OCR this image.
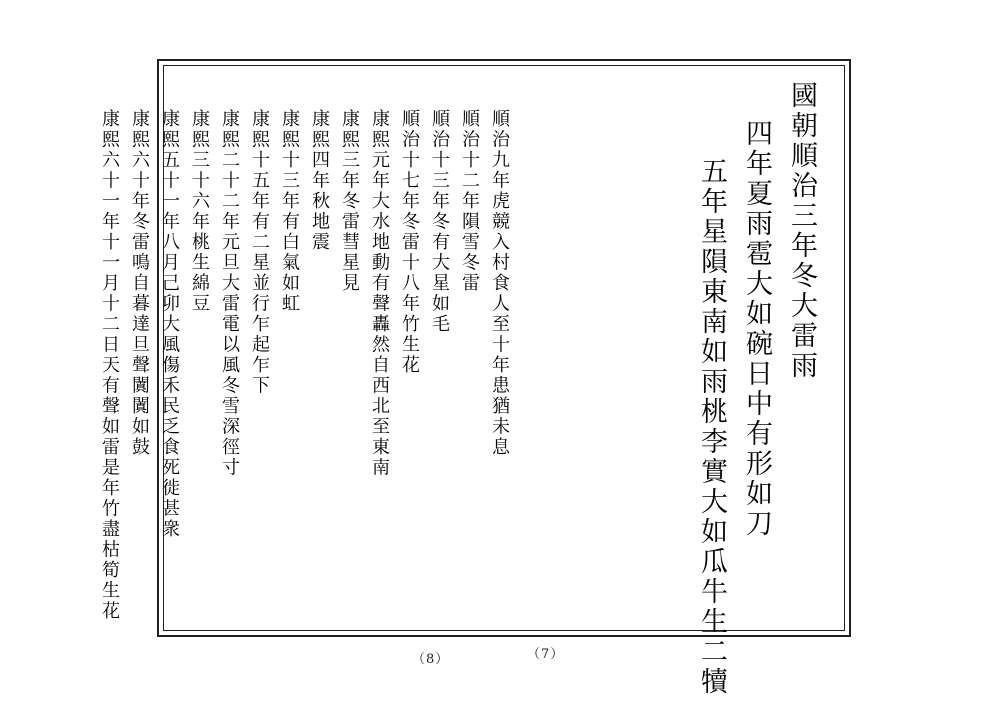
國朝順治三年冬大雷雨
四年夏雨雹大如碗日中有形如刀
五年星隕東南如雨桃李實大如瓜牛生二犢
順治九年虎競入村食人至十年患猶未息
順治十二年隕雪冬雷
順治十三年冬有大星如毛
順治十七年冬雷十八年竹生花
康熙元年大水地動有聲轟然自西北至東南
康熙三年冬雷彗星見
康熙四年秋地震
康熙十三年有白氣如虹
康熙十五年有二星並行乍起乍下
康熙二十二年元旦大雷電以風冬雪深徑寸
康熙三十六年桃生綿豆
康熙五十一年八月己卯大風傷禾民乏食死徙甚衆
康熙六十年冬雷鳴自暮達旦聲闐闐如鼓
康熙六十一年十一月十二日天有聲如雷是年竹盡枯筍生花
（8）	（7）
